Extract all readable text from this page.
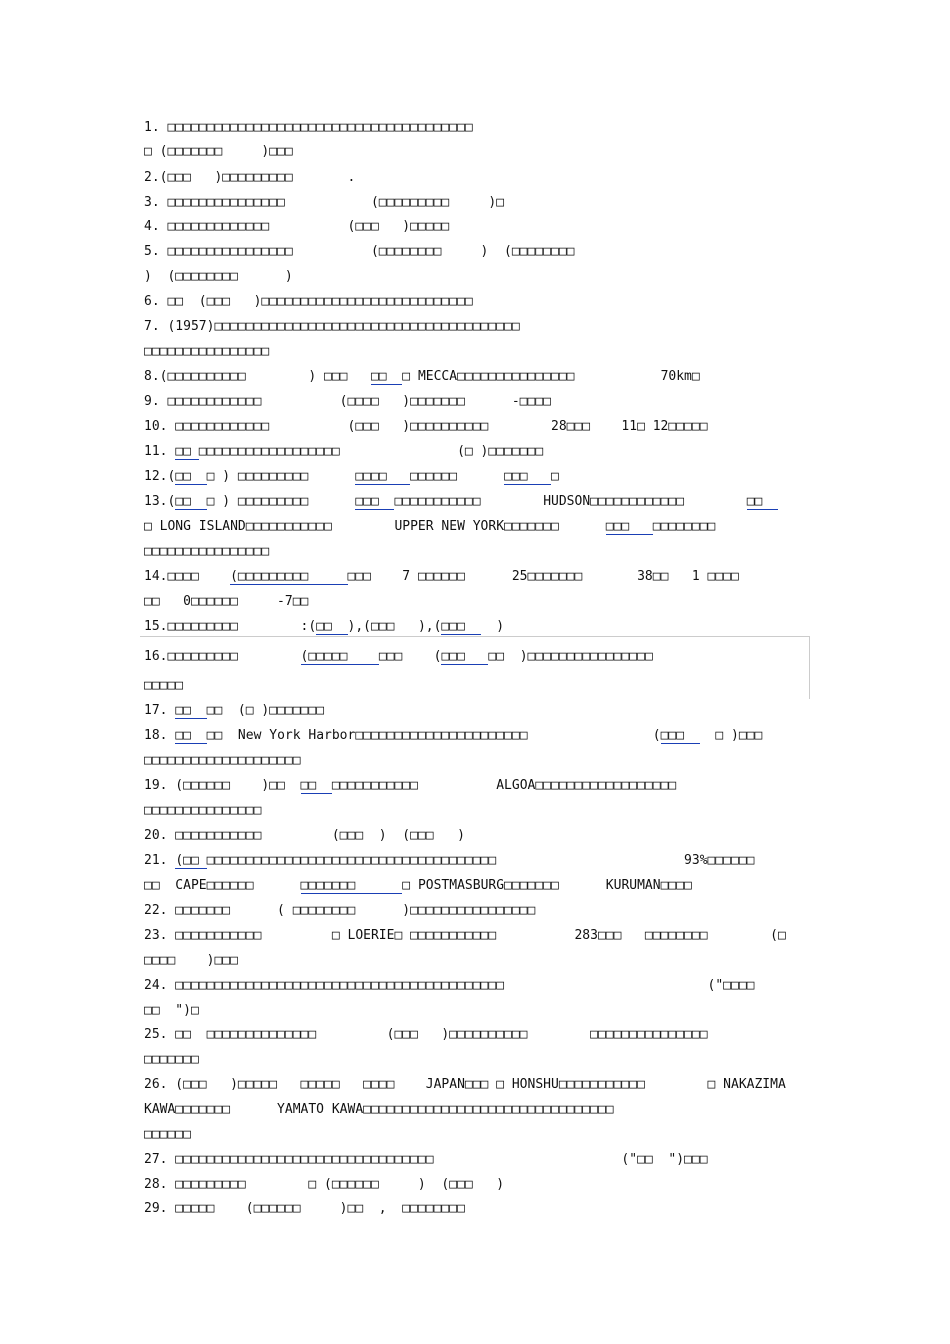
1. □□□□□□□□□□□□□□□□□□□□□□□□□□□□□□□□□□□□□□□
□ (□□□□□□□     )□□□
2.(□□□   )□□□□□□□□□       .
3. □□□□□□□□□□□□□□□           (□□□□□□□□□     )□
4. □□□□□□□□□□□□□          (□□□   )□□□□□
5. □□□□□□□□□□□□□□□□          (□□□□□□□□     )  (□□□□□□□□
)  (□□□□□□□□      )
6. □□  (□□□   )□□□□□□□□□□□□□□□□□□□□□□□□□□□
7. (1957)□□□□□□□□□□□□□□□□□□□□□□□□□□□□□□□□□□□□□□□
□□□□□□□□□□□□□□□□
8.(□□□□□□□□□□        ) □□□   □□  □ MECCA□□□□□□□□□□□□□□□           70km□
9. □□□□□□□□□□□□          (□□□□   )□□□□□□□      -□□□□
10. □□□□□□□□□□□□          (□□□   )□□□□□□□□□□        28□□□    11□ 12□□□□□
11. □□ □□□□□□□□□□□□□□□□□□               (□ )□□□□□□□
12.(□□  □ ) □□□□□□□□□      □□□□   □□□□□□      □□□   □
13.(□□  □ ) □□□□□□□□□      □□□  □□□□□□□□□□□        HUDSON□□□□□□□□□□□□        □□
□ LONG ISLAND□□□□□□□□□□□        UPPER NEW YORK□□□□□□□      □□□   □□□□□□□□
□□□□□□□□□□□□□□□□
14.□□□□    (□□□□□□□□□     □□□    7 □□□□□□      25□□□□□□□       38□□   1 □□□□
□□   0□□□□□□     -7□□
15.□□□□□□□□□        :(□□  ),(□□□   ),(□□□    )
16.□□□□□□□□□        (□□□□□    □□□    (□□□   □□  )□□□□□□□□□□□□□□□□
□□□□□
17. □□  □□  (□ )□□□□□□□
18. □□  □□  New York Harbor□□□□□□□□□□□□□□□□□□□□□□                (□□□    □ )□□□
□□□□□□□□□□□□□□□□□□□□
19. (□□□□□□    )□□  □□  □□□□□□□□□□□          ALGOA□□□□□□□□□□□□□□□□□□
□□□□□□□□□□□□□□□
20. □□□□□□□□□□□         (□□□  )  (□□□   )
21. (□□ □□□□□□□□□□□□□□□□□□□□□□□□□□□□□□□□□□□□□                        93%□□□□□□
□□  CAPE□□□□□□      □□□□□□□      □ POSTMASBURG□□□□□□□      KURUMAN□□□□
22. □□□□□□□      ( □□□□□□□□      )□□□□□□□□□□□□□□□□
23. □□□□□□□□□□□         □ LOERIE□ □□□□□□□□□□□          283□□□   □□□□□□□□        (□
□□□□    )□□□
24. □□□□□□□□□□□□□□□□□□□□□□□□□□□□□□□□□□□□□□□□□□                          ("□□□□
□□  ")□
25. □□  □□□□□□□□□□□□□□         (□□□   )□□□□□□□□□□        □□□□□□□□□□□□□□□
□□□□□□□
26. (□□□   )□□□□□   □□□□□   □□□□    JAPAN□□□ □ HONSHU□□□□□□□□□□□        □ NAKAZIMA
KAWA□□□□□□□      YAMATO KAWA□□□□□□□□□□□□□□□□□□□□□□□□□□□□□□□□
□□□□□□
27. □□□□□□□□□□□□□□□□□□□□□□□□□□□□□□□□□                        ("□□  ")□□□
28. □□□□□□□□□        □ (□□□□□□     )  (□□□   )
29. □□□□□    (□□□□□□     )□□  ,  □□□□□□□□
